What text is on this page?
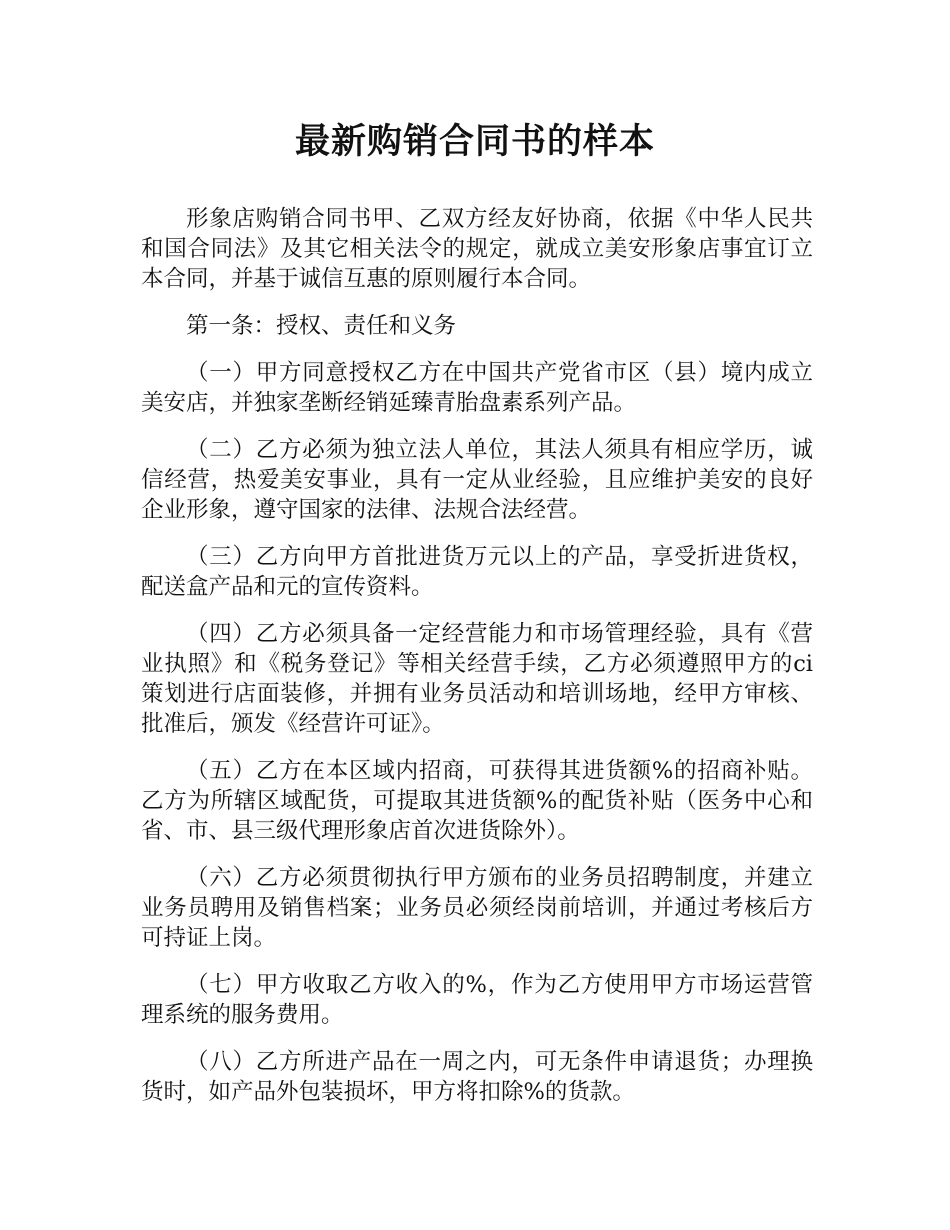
最新购销合同书的样本

形象店购销合同书甲、乙双方经友好协商，依据《中华人民共和国合同法》及其它相关法令的规定，就成立美安形象店事宜订立本合同，并基于诚信互惠的原则履行本合同。

第一条：授权、责任和义务

（一）甲方同意授权乙方在中国共产党省市区（县）境内成立美安店，并独家垄断经销延臻青胎盘素系列产品。

（二）乙方必须为独立法人单位，其法人须具有相应学历，诚信经营，热爱美安事业，具有一定从业经验，且应维护美安的良好企业形象，遵守国家的法律、法规合法经营。

（三）乙方向甲方首批进货万元以上的产品，享受折进货权，配送盒产品和元的宣传资料。

（四）乙方必须具备一定经营能力和市场管理经验，具有《营业执照》和《税务登记》等相关经营手续，乙方必须遵照甲方的ci策划进行店面装修，并拥有业务员活动和培训场地，经甲方审核、批准后，颁发《经营许可证》。

（五）乙方在本区域内招商，可获得其进货额%的招商补贴。乙方为所辖区域配货，可提取其进货额%的配货补贴（医务中心和省、市、县三级代理形象店首次进货除外）。

（六）乙方必须贯彻执行甲方颁布的业务员招聘制度，并建立业务员聘用及销售档案；业务员必须经岗前培训，并通过考核后方可持证上岗。

（七）甲方收取乙方收入的%，作为乙方使用甲方市场运营管理系统的服务费用。

（八）乙方所进产品在一周之内，可无条件申请退货；办理换货时，如产品外包装损坏，甲方将扣除%的货款。
